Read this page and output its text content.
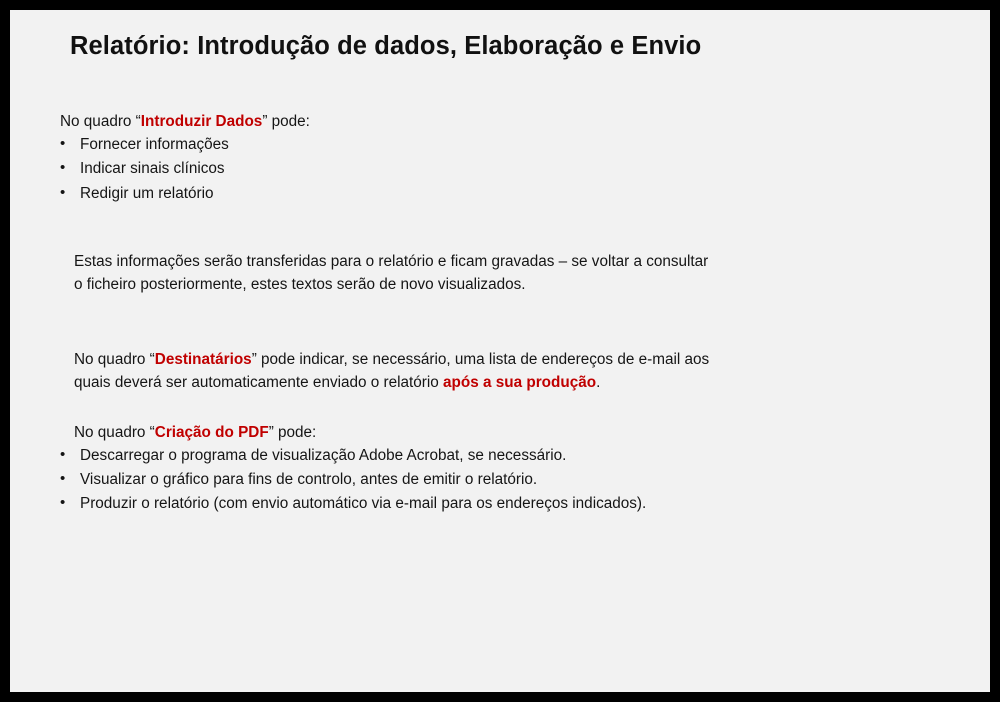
Relatório: Introdução de dados, Elaboração e Envio
No quadro “Introduzir Dados” pode:
• Fornecer informações
• Indicar sinais clínicos
• Redigir um relatório
Estas informações serão transferidas para o relatório e ficam gravadas – se voltar a consultar o ficheiro posteriormente, estes textos serão de novo visualizados.
No quadro “Destinatários” pode indicar, se necessário, uma lista de endereços de e-mail aos quais deverá ser automaticamente enviado o relatório após a sua produção.
No quadro “Criação do PDF” pode:
• Descarregar o programa de visualização Adobe Acrobat, se necessário.
• Visualizar o gráfico para fins de controlo, antes de emitir o relatório.
• Produzir o relatório (com envio automático via e-mail para os endereços indicados).
